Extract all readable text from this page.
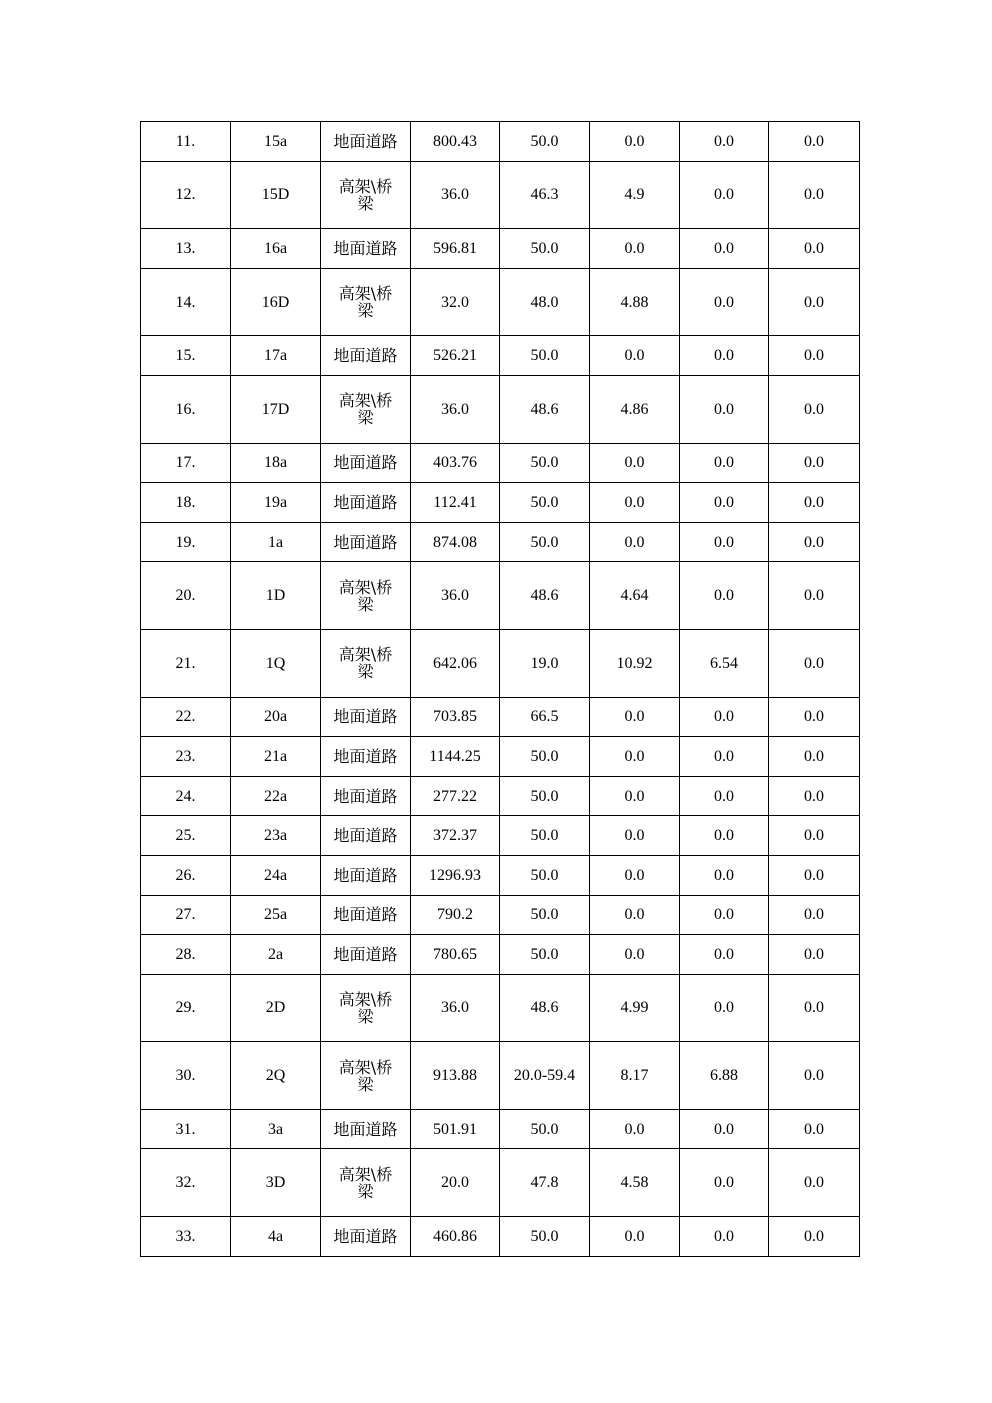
11.	15a	地面道路	800.43	50.0	0.0	0.0	0.0
12.	15D	高架\桥梁	36.0	46.3	4.9	0.0	0.0
13.	16a	地面道路	596.81	50.0	0.0	0.0	0.0
14.	16D	高架\桥梁	32.0	48.0	4.88	0.0	0.0
15.	17a	地面道路	526.21	50.0	0.0	0.0	0.0
16.	17D	高架\桥梁	36.0	48.6	4.86	0.0	0.0
17.	18a	地面道路	403.76	50.0	0.0	0.0	0.0
18.	19a	地面道路	112.41	50.0	0.0	0.0	0.0
19.	1a	地面道路	874.08	50.0	0.0	0.0	0.0
20.	1D	高架\桥梁	36.0	48.6	4.64	0.0	0.0
21.	1Q	高架\桥梁	642.06	19.0	10.92	6.54	0.0
22.	20a	地面道路	703.85	66.5	0.0	0.0	0.0
23.	21a	地面道路	1144.25	50.0	0.0	0.0	0.0
24.	22a	地面道路	277.22	50.0	0.0	0.0	0.0
25.	23a	地面道路	372.37	50.0	0.0	0.0	0.0
26.	24a	地面道路	1296.93	50.0	0.0	0.0	0.0
27.	25a	地面道路	790.2	50.0	0.0	0.0	0.0
28.	2a	地面道路	780.65	50.0	0.0	0.0	0.0
29.	2D	高架\桥梁	36.0	48.6	4.99	0.0	0.0
30.	2Q	高架\桥梁	913.88	20.0-59.4	8.17	6.88	0.0
31.	3a	地面道路	501.91	50.0	0.0	0.0	0.0
32.	3D	高架\桥梁	20.0	47.8	4.58	0.0	0.0
33.	4a	地面道路	460.86	50.0	0.0	0.0	0.0
